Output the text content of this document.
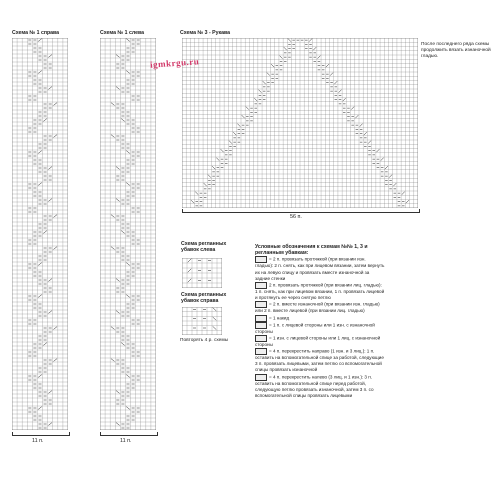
Схема № 1 справа
11 п.
Схема № 1 слева
11 п.
Схема № 3 - Рукава
56 п.
igmkrgu.ru
После последнего ряда схемы продолжить вязать изнаночной гладью.
Схема регланных убавок слева
Схема регланных убавок справа
Повторять 4 р. схемы
Условные обозначения к схемам №№ 1, 3 и регланным убавкам:
= 2 п. провязать протяжкой (при вязании изн. гладью): 2 п. снять, как при лицевом вязании, затем вернуть их на левую спицу и провязать вместе изнаночной за задние стенки
2 п. провязать протяжкой (при вязании лиц. гладью): 1 п. снять, как при лицевом вязании, 1 п. провязать лицевой и протянуть ее через снятую петлю
= 2 п. вместе изнаночной (при вязании изн. гладью) или 2 п. вместе лицевой (при вязании лиц. гладью)
= 1 накид
= 1 п. с лицевой стороны или 1 изн. с изнаночной стороны
= 1 изн. с лицевой стороны или 1 лиц. с изнаночной стороны
= 4 п. перекрестить направо (1 изн. и 3 лиц.): 1 п. оставить на вспомогательной спице за работой, следующие 3 п. провязать лицевыми, затем петлю со вспомогательной спицы провязать изнаночной
= 4 п. перекрестить налево (3 лиц. и 1 изн.): 3 п. оставить на вспомогательной спице перед работой, следующую петлю провязать изнаночной, затем 3 п. со вспомогательной спицы провязать лицевыми
